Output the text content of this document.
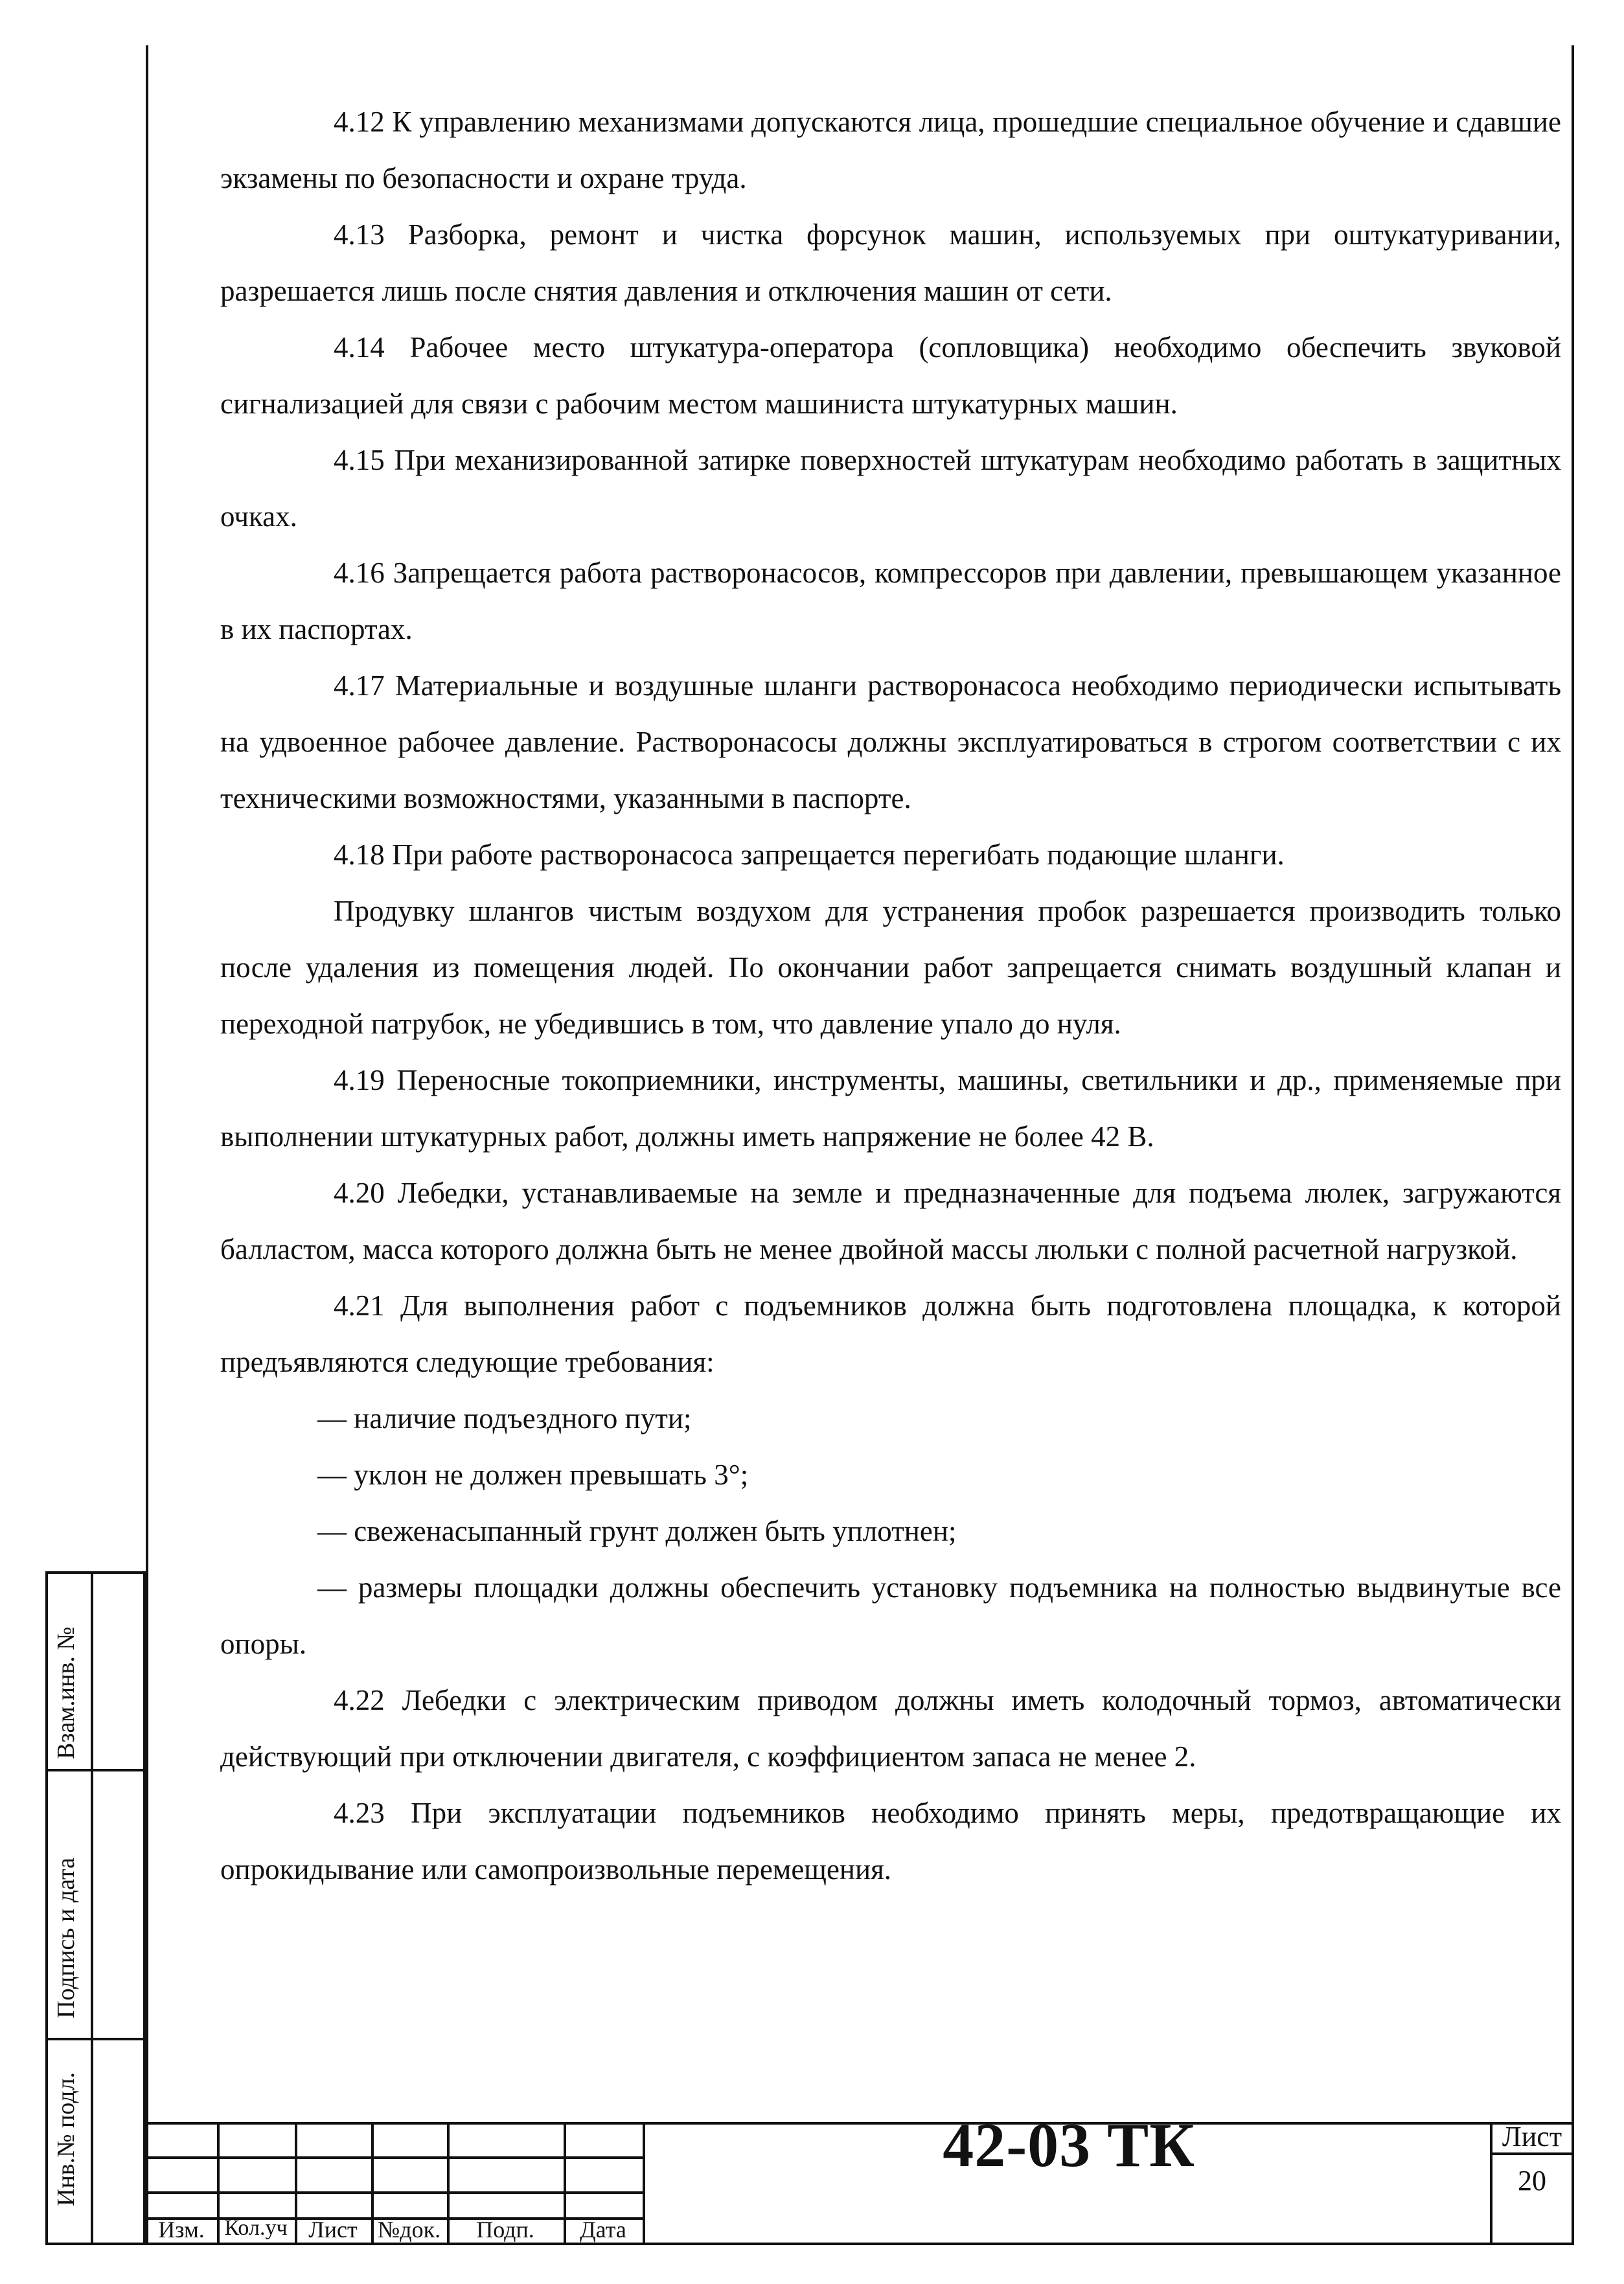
4.12 К управлению механизмами допускаются лица, прошедшие специальное обучение и сдавшие экзамены по безопасности и охране труда.

4.13 Разборка, ремонт и чистка форсунок машин, используемых при оштукатуривании, разрешается лишь после снятия давления и отключения машин от сети.

4.14 Рабочее место штукатура-оператора (сопловщика) необходимо обеспечить звуковой сигнализацией для связи с рабочим местом машиниста штукатурных машин.

4.15 При механизированной затирке поверхностей штукатурам необходимо работать в защитных очках.

4.16 Запрещается работа растворонасосов, компрессоров при давлении, превышающем указанное в их паспортах.

4.17 Материальные и воздушные шланги растворонасоса необходимо периодически испытывать на удвоенное рабочее давление. Растворонасосы должны эксплуатироваться в строгом соответствии с их техническими возможностями, указанными в паспорте.

4.18 При работе растворонасоса запрещается перегибать подающие шланги.

Продувку шлангов чистым воздухом для устранения пробок разрешается производить только после удаления из помещения людей. По окончании работ запрещается снимать воздушный клапан и переходной патрубок, не убедившись в том, что давление упало до нуля.

4.19 Переносные токоприемники, инструменты, машины, светильники и др., применяемые при выполнении штукатурных работ, должны иметь напряжение не более 42 В.

4.20 Лебедки, устанавливаемые на земле и предназначенные для подъема люлек, загружаются балластом, масса которого должна быть не менее двойной массы люльки с полной расчетной нагрузкой.

4.21 Для выполнения работ с подъемников должна быть подготовлена площадка, к которой предъявляются следующие требования:

— наличие подъездного пути;

— уклон не должен превышать 3°;

— свеженасыпанный грунт должен быть уплотнен;

— размеры площадки должны обеспечить установку подъемника на полностью выдвинутые все опоры.

4.22 Лебедки с электрическим приводом должны иметь колодочный тормоз, автоматически действующий при отключении двигателя, с коэффициентом запаса не менее 2.

4.23 При эксплуатации подъемников необходимо принять меры, предотвращающие их опрокидывание или самопроизвольные перемещения.

Взам.инв. №
Подпись и дата
Инв.№ подл.
Изм. Кол.уч Лист №док.	Подп.	Дата
42-03 ТК	Лист
20
